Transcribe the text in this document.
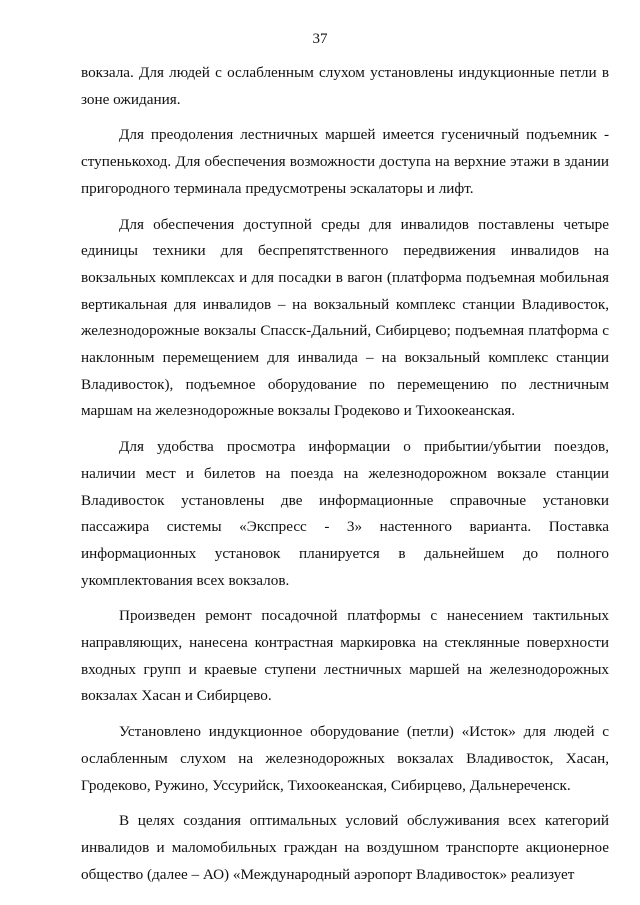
37

вокзала. Для людей с ослабленным слухом установлены индукционные петли в зоне ожидания.

Для преодоления лестничных маршей имеется гусеничный подъемник - ступенькоход. Для обеспечения возможности доступа на верхние этажи в здании пригородного терминала предусмотрены эскалаторы и лифт.

Для обеспечения доступной среды для инвалидов поставлены четыре единицы техники для беспрепятственного передвижения инвалидов на вокзальных комплексах и для посадки в вагон (платформа подъемная мобильная вертикальная для инвалидов – на вокзальный комплекс станции Владивосток, железнодорожные вокзалы Спасск-Дальний, Сибирцево; подъемная платформа с наклонным перемещением для инвалида – на вокзальный комплекс станции Владивосток), подъемное оборудование по перемещению по лестничным маршам на железнодорожные вокзалы Гродеково и Тихоокеанская.

Для удобства просмотра информации о прибытии/убытии поездов, наличии мест и билетов на поезда на железнодорожном вокзале станции Владивосток установлены две информационные справочные установки пассажира системы «Экспресс - 3» настенного варианта. Поставка информационных установок планируется в дальнейшем до полного укомплектования всех вокзалов.

Произведен ремонт посадочной платформы с нанесением тактильных направляющих, нанесена контрастная маркировка на стеклянные поверхности входных групп и краевые ступени лестничных маршей на железнодорожных вокзалах Хасан и Сибирцево.

Установлено индукционное оборудование (петли) «Исток» для людей с ослабленным слухом на железнодорожных вокзалах Владивосток, Хасан, Гродеково, Ружино, Уссурийск, Тихоокеанская, Сибирцево, Дальнереченск.

В целях создания оптимальных условий обслуживания всех категорий инвалидов и маломобильных граждан на воздушном транспорте акционерное общество (далее – АО) «Международный аэропорт Владивосток» реализует
